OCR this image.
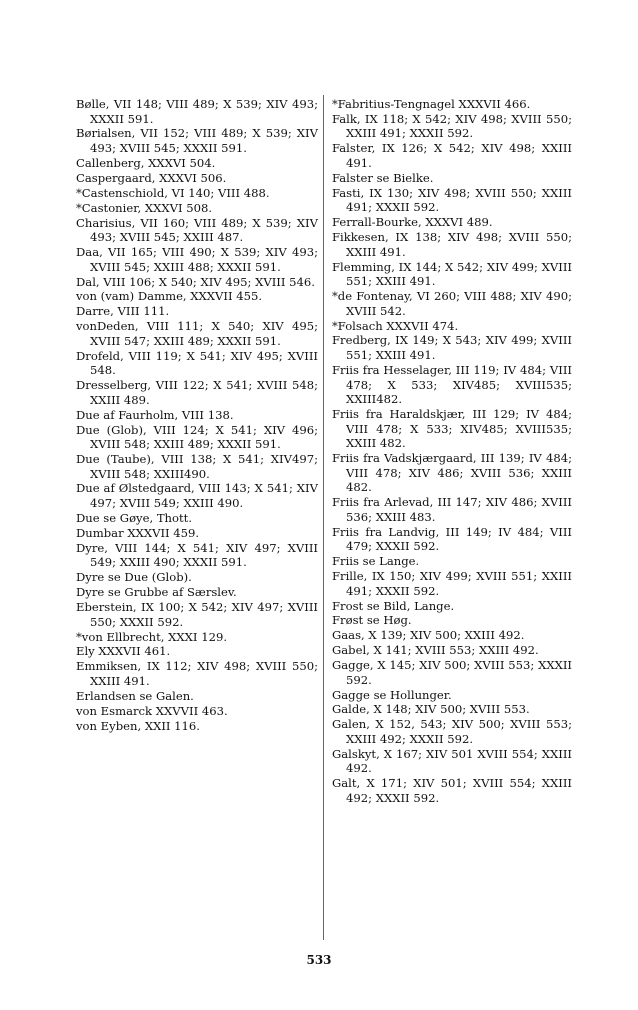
Bølle, VII 148; VIII 489; X 539; XIV 493; XXXII 591.
Børialsen, VII 152; VIII 489; X 539; XIV 493; XVIII 545; XXXII 591.
Callenberg, XXXVI 504.
Caspergaard, XXXVI 506.
*Castenschiold, VI 140; VIII 488.
*Castonier, XXXVI 508.
Charisius, VII 160; VIII 489; X 539; XIV 493; XVIII 545; XXIII 487.
Daa, VII 165; VIII 490; X 539; XIV 493; XVIII 545; XXIII 488; XXXII 591.
Dal, VIII 106; X 540; XIV 495; XVIII 546.
von (vam) Damme, XXXVII 455.
Darre, VIII 111.
vonDeden, VIII 111; X 540; XIV 495; XVIII 547; XXIII 489; XXXII 591.
Drofeld, VIII 119; X 541; XIV 495; XVIII 548.
Dresselberg, VIII 122; X 541; XVIII 548; XXIII 489.
Due af Faurholm, VIII 138.
Due (Glob), VIII 124; X 541; XIV 496; XVIII 548; XXIII 489; XXXII 591.
Due (Taube), VIII 138; X 541; XIV497; XVIII 548; XXIII490.
Due af Ølstedgaard, VIII 143; X 541; XIV 497; XVIII 549; XXIII 490.
Due se Gøye, Thott.
Dumbar XXXVII 459.
Dyre, VIII 144; X 541; XIV 497; XVIII 549; XXIII 490; XXXII 591.
Dyre se Due (Glob).
Dyre se Grubbe af Særslev.
Eberstein, IX 100; X 542; XIV 497; XVIII 550; XXXII 592.
*von Ellbrecht, XXXI 129.
Ely XXXVII 461.
Emmiksen, IX 112; XIV 498; XVIII 550; XXIII 491.
Erlandsen se Galen.
von Esmarck XXVVII 463.
von Eyben, XXII 116.
*Fabritius-Tengnagel XXXVII 466.
Falk, IX 118; X 542; XIV 498; XVIII 550; XXIII 491; XXXII 592.
Falster, IX 126; X 542; XIV 498; XXIII 491.
Falster se Bielke.
Fasti, IX 130; XIV 498; XVIII 550; XXIII 491; XXXII 592.
Ferrall-Bourke, XXXVI 489.
Fikkesen, IX 138; XIV 498; XVIII 550; XXIII 491.
Flemming, IX 144; X 542; XIV 499; XVIII 551; XXIII 491.
*de Fontenay, VI 260; VIII 488; XIV 490; XVIII 542.
*Folsach XXXVII 474.
Fredberg, IX 149; X 543; XIV 499; XVIII 551; XXIII 491.
Friis fra Hesselager, III 119; IV 484; VIII 478; X 533; XIV485; XVIII535; XXIII482.
Friis fra Haraldskjær, III 129; IV 484; VIII 478; X 533; XIV485; XVIII535; XXIII 482.
Friis fra Vadskjærgaard, III 139; IV 484; VIII 478; XIV 486; XVIII 536; XXIII 482.
Friis fra Arlevad, III 147; XIV 486; XVIII 536; XXIII 483.
Friis fra Landvig, III 149; IV 484; VIII 479; XXXII 592.
Friis se Lange.
Frille, IX 150; XIV 499; XVIII 551; XXIII 491; XXXII 592.
Frost se Bild, Lange.
Frøst se Høg.
Gaas, X 139; XIV 500; XXIII 492.
Gabel, X 141; XVIII 553; XXIII 492.
Gagge, X 145; XIV 500; XVIII 553; XXXII 592.
Gagge se Hollunger.
Galde, X 148; XIV 500; XVIII 553.
Galen, X 152, 543; XIV 500; XVIII 553; XXIII 492; XXXII 592.
Galskyt, X 167; XIV 501 XVIII 554; XXIII 492.
Galt, X 171; XIV 501; XVIII 554; XXIII 492; XXXII 592.
533
